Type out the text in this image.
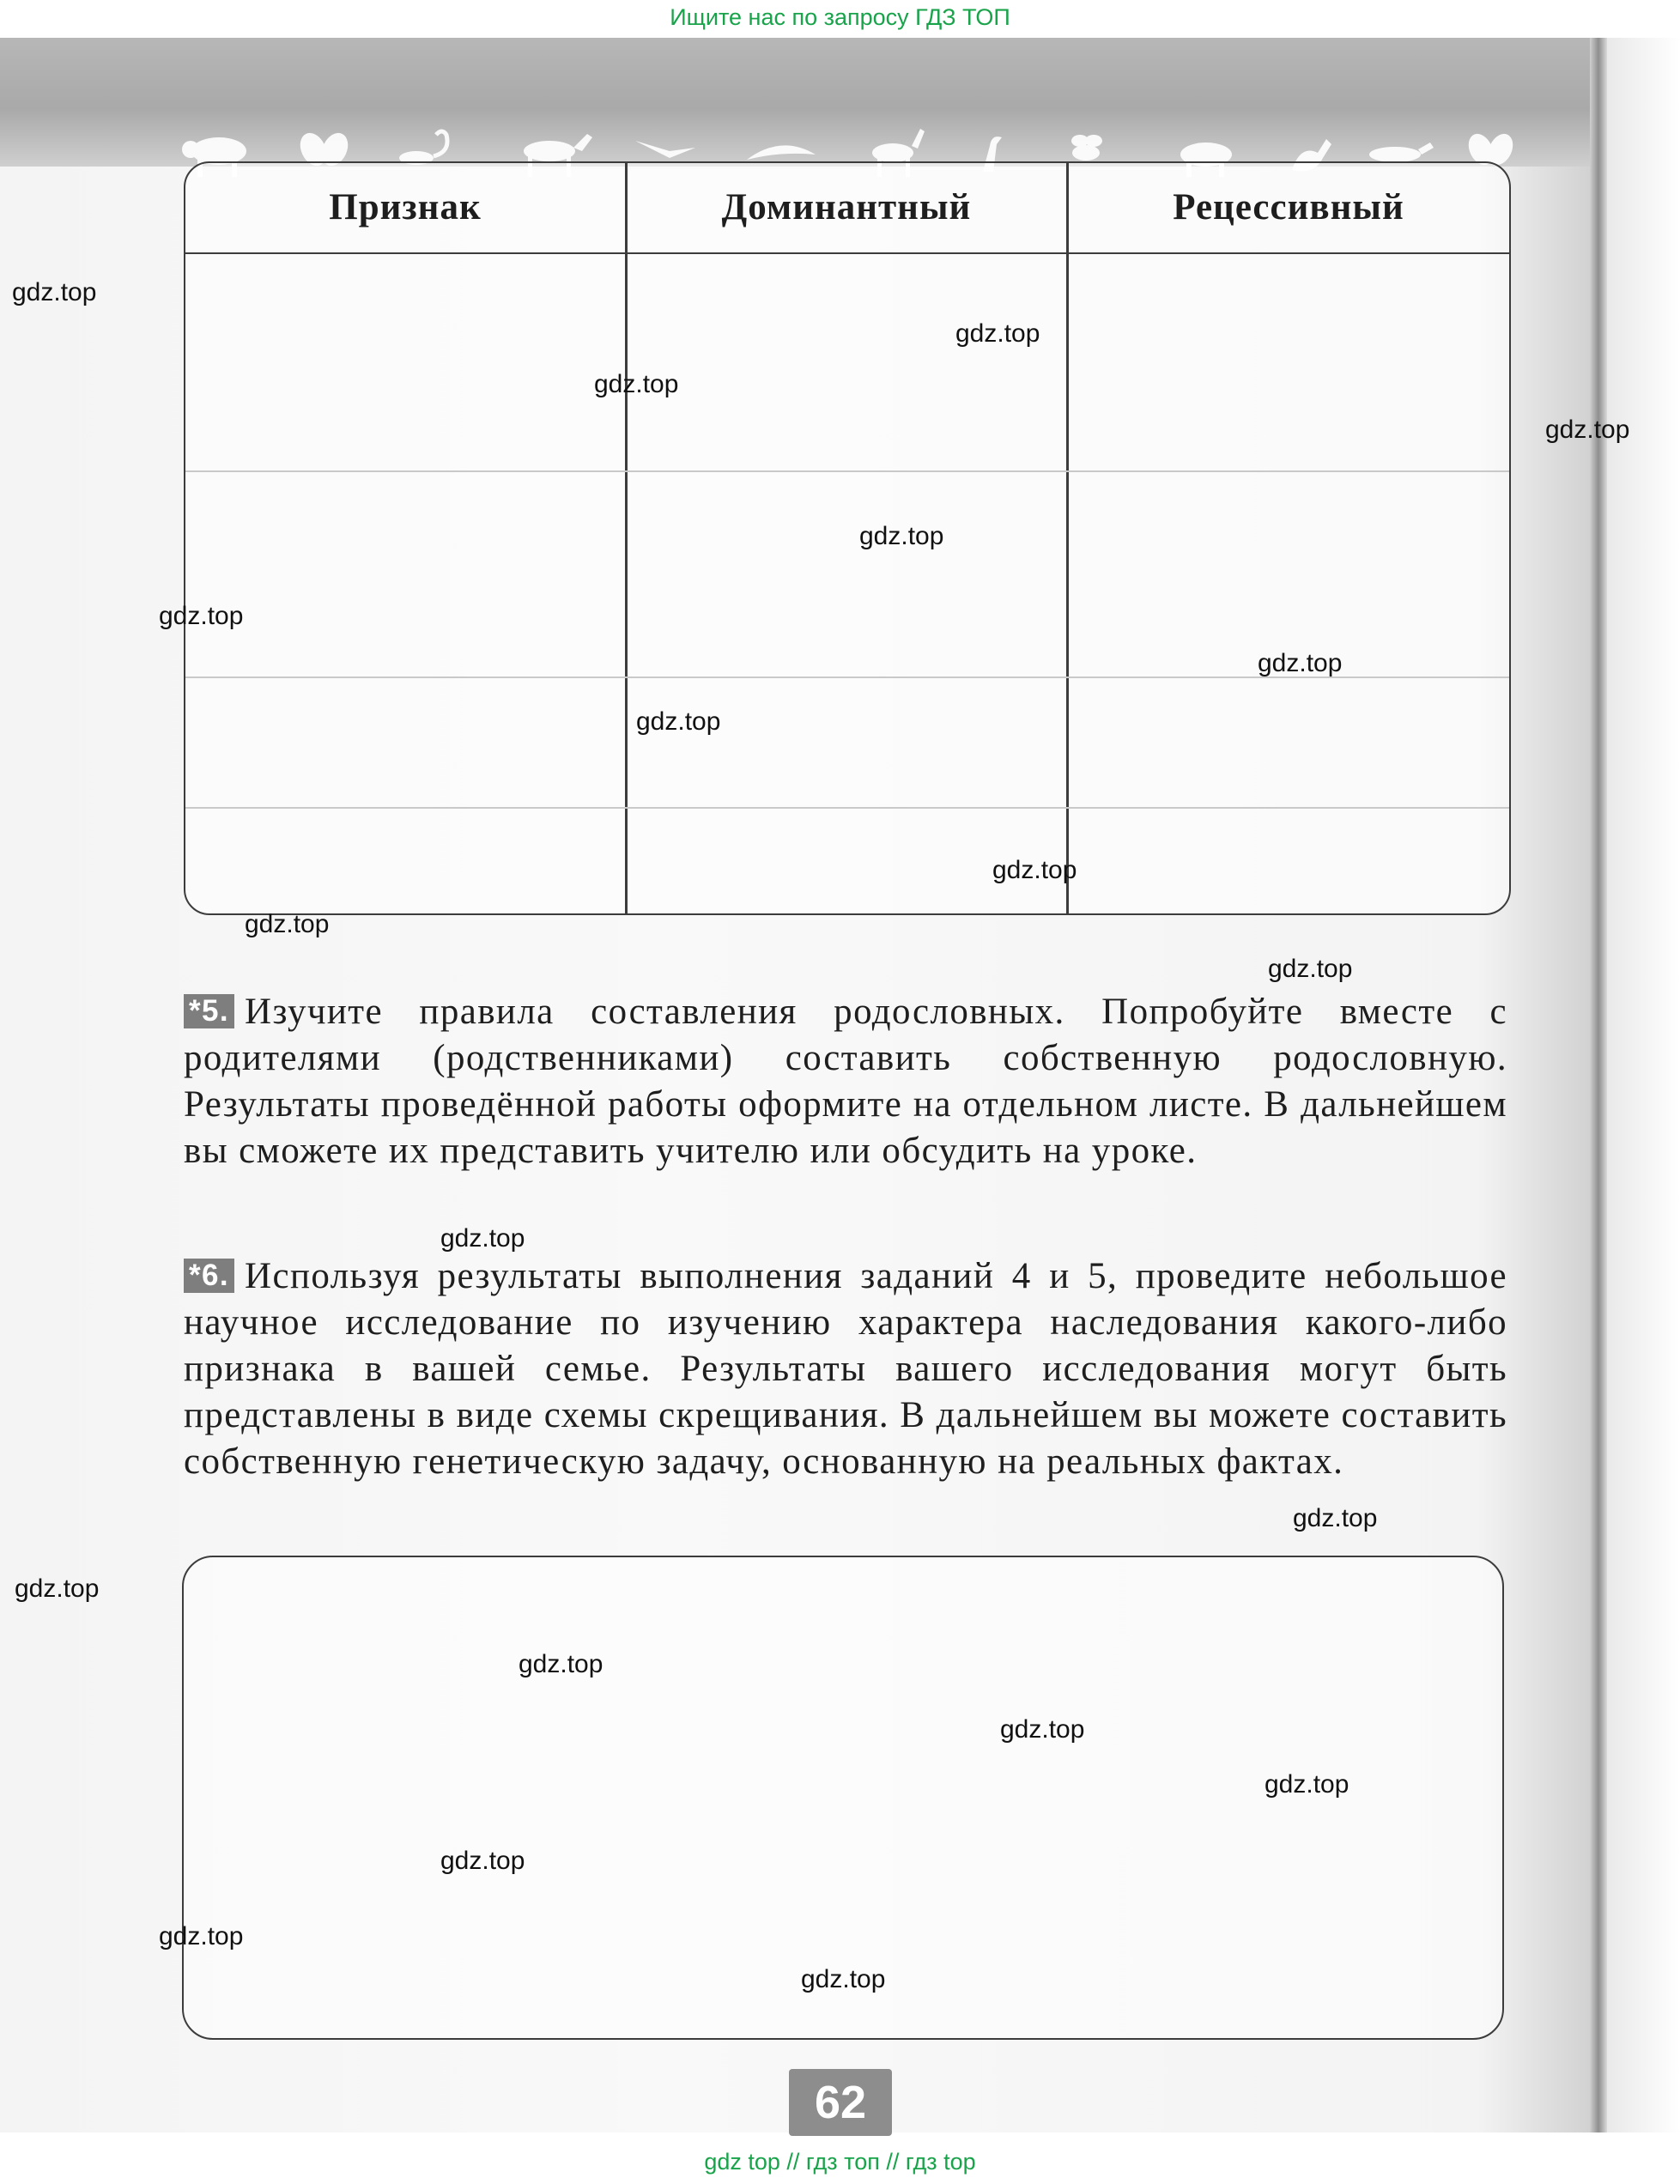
Ищите нас по запросу ГДЗ ТОП
Признак	Доминантный	Рецессивный
*5. Изучите правила составления родословных. Попробуйте вместе с родителями (родственниками) составить собственную родословную. Результаты проведённой работы оформите на отдельном листе. В дальнейшем вы сможете их представить учителю или обсудить на уроке.
*6. Используя результаты выполнения заданий 4 и 5, проведите небольшое научное исследование по изучению характера наследования какого-либо признака в вашей семье. Результаты вашего исследования могут быть представлены в виде схемы скрещивания. В дальнейшем вы можете составить собственную генетическую задачу, основанную на реальных фактах.
62
gdz.top
gdz.top
gdz.top
gdz.top
gdz.top
gdz.top
gdz.top
gdz.top
gdz.top
gdz.top
gdz.top
gdz.top
gdz.top
gdz.top
gdz.top
gdz.top
gdz.top
gdz.top
gdz.top
gdz.top
gdz top // гдз топ // гдз top
